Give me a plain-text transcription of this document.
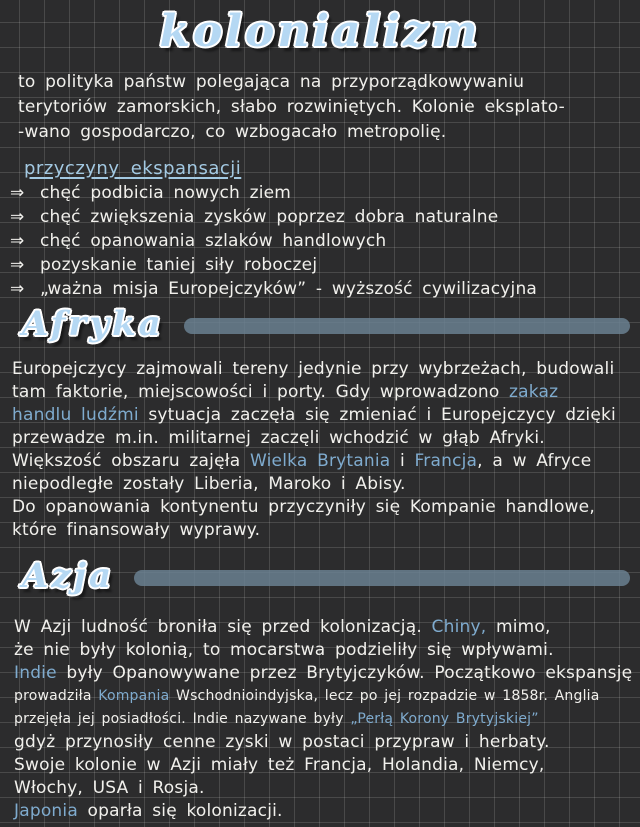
kolonializm
to polityka państw polegająca na przyporządkowywaniu
terytoriów zamorskich, słabo rozwiniętych. Kolonie eksplato-
-wano gospodarczo, co wzbogacało metropolię.
przyczyny ekspansacji
⇒ chęć podbicia nowych ziem
⇒ chęć zwiększenia zysków poprzez dobra naturalne
⇒ chęć opanowania szlaków handlowych
⇒ pozyskanie taniej siły roboczej
⇒ „ważna misja Europejczyków” - wyższość cywilizacyjna
Afryka
Europejczycy zajmowali tereny jedynie przy wybrzeżach, budowali
tam faktorie, miejscowości i porty. Gdy wprowadzono zakaz
handlu ludźmi sytuacja zaczęła się zmieniać i Europejczycy dzięki
przewadze m.in. militarnej zaczęli wchodzić w głąb Afryki.
Większość obszaru zajęła Wielka Brytania i Francja, a w Afryce
niepodległe zostały Liberia, Maroko i Abisy.
Do opanowania kontynentu przyczyniły się Kompanie handlowe,
które finansowały wyprawy.
Azja
W Azji ludność broniła się przed kolonizacją. Chiny, mimo,
że nie były kolonią, to mocarstwa podzieliły się wpływami.
Indie były Opanowywane przez Brytyjczyków. Początkowo ekspansję
prowadziła Kompania Wschodnioindyjska, lecz po jej rozpadzie w 1858r. Anglia
przejęła jej posiadłości. Indie nazywane były „Perłą Korony Brytyjskiej”
gdyż przynosiły cenne zyski w postaci przypraw i herbaty.
Swoje kolonie w Azji miały też Francja, Holandia, Niemcy,
Włochy, USA i Rosja.
Japonia oparła się kolonizacji.
